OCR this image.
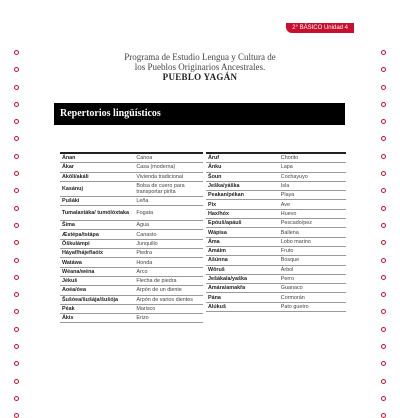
2° BÁSICO Unidad 4
Programa de Estudio Lengua y Cultura de
los Pueblos Originarios Ancestrales.
PUEBLO YAGÁN
Repertorios lingüísticos
Ánan	Canoa
Ákar	Casa (moderna)
Akōli/akáli	Vivienda tradicional
Kasánuj	Bolsa de cuero para transportar pirita
Pušáki	Leña
Tumalaxtáka/ tumólóxtaka	Fogata
Šima	Agua
Æstépa/tstápa	Canasto
Ōškulámpi	Junquillo
Háyaf/hájef/aóix	Piedra
Watáwa	Honda
Wéana/wéna	Arco
Jékuš	Flecha de piedra
Aoéa/óea	Arpón de un diente
Šušóea/šušája/šušója	Arpón de varios dientes
Péak	Marisco
Ákis	Erizo
Áruf	Chorito
Ánku	Lapa
Šoun	Cochayuyo
Ješka/yáška	Isla
Peakan/pékan	Playa
Pix	Ave
Hax/hóx	Huevo
Epóuš/apáuš	Pescado/pez
Wápisa	Ballena
Ámа	Lobo marino
Amáim	Fruto
Ašúnna	Bosque
Wōruš	Árbol
Ješákala/yaška	Perro
Amára/amakřa	Guanaco
Pána	Cormorán
Alúkuš	Pato guetro
